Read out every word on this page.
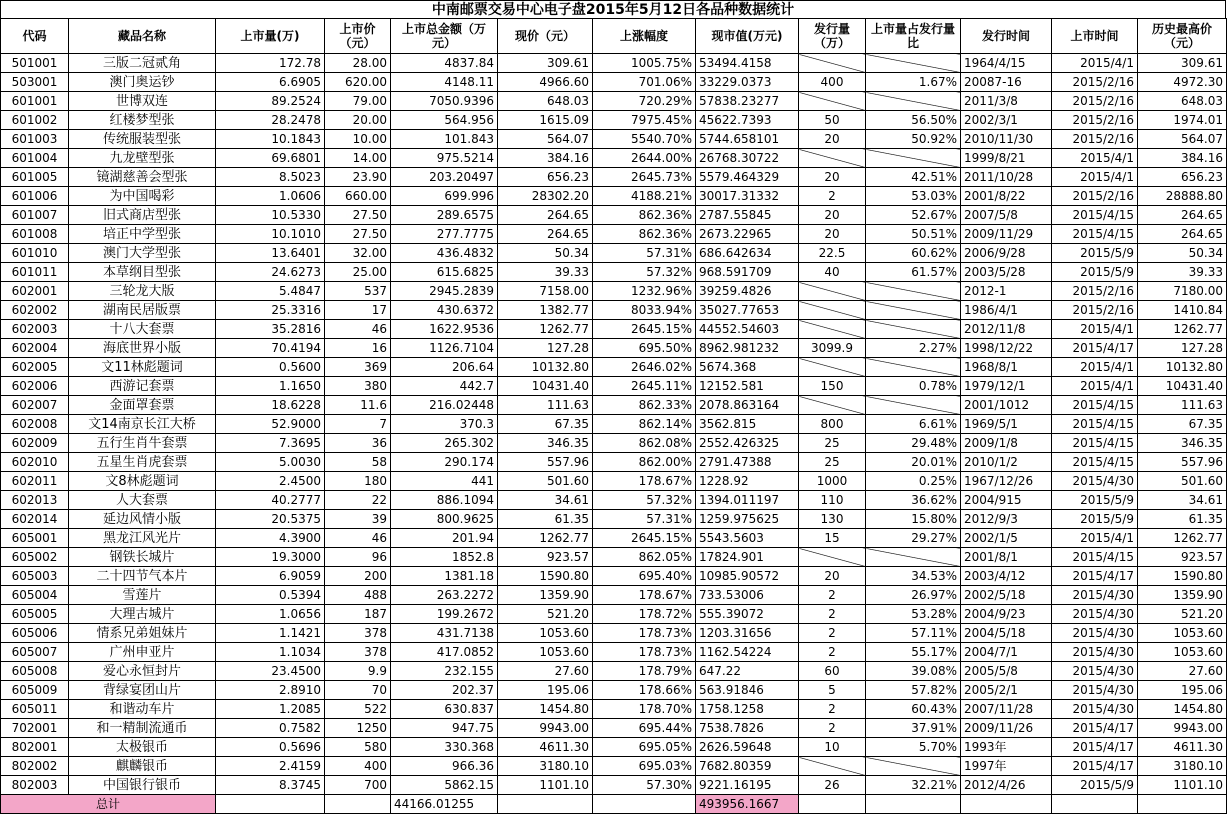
中南邮票交易中心电子盘2015年5月12日各品种数据统计
代码	藏品名称	上市量(万)	上市价（元）	上市总金额（万元）	现价（元）	上涨幅度	现市值(万元)	发行量（万）	上市量占发行量比	发行时间	上市时间	历史最高价（元）
501001	三版二冠贰角	172.78	28.00	4837.84	309.61	1005.75%	53494.4158			1964/4/15	2015/4/1	309.61
503001	澳门奥运钞	6.6905	620.00	4148.11	4966.60	701.06%	33229.0373	400	1.67%	20087-16	2015/2/16	4972.30
601001	世博双连	89.2524	79.00	7050.9396	648.03	720.29%	57838.23277			2011/3/8	2015/2/16	648.03
601002	红楼梦型张	28.2478	20.00	564.956	1615.09	7975.45%	45622.7393	50	56.50%	2002/3/1	2015/2/16	1974.01
601003	传统服装型张	10.1843	10.00	101.843	564.07	5540.70%	5744.658101	20	50.92%	2010/11/30	2015/2/16	564.07
601004	九龙壁型张	69.6801	14.00	975.5214	384.16	2644.00%	26768.30722			1999/8/21	2015/4/1	384.16
601005	镜湖慈善会型张	8.5023	23.90	203.20497	656.23	2645.73%	5579.464329	20	42.51%	2011/10/28	2015/4/1	656.23
601006	为中国喝彩	1.0606	660.00	699.996	28302.20	4188.21%	30017.31332	2	53.03%	2001/8/22	2015/2/16	28888.80
601007	旧式商店型张	10.5330	27.50	289.6575	264.65	862.36%	2787.55845	20	52.67%	2007/5/8	2015/4/15	264.65
601008	培正中学型张	10.1010	27.50	277.7775	264.65	862.36%	2673.22965	20	50.51%	2009/11/29	2015/4/15	264.65
601010	澳门大学型张	13.6401	32.00	436.4832	50.34	57.31%	686.642634	22.5	60.62%	2006/9/28	2015/5/9	50.34
601011	本草纲目型张	24.6273	25.00	615.6825	39.33	57.32%	968.591709	40	61.57%	2003/5/28	2015/5/9	39.33
602001	三轮龙大版	5.4847	537	2945.2839	7158.00	1232.96%	39259.4826			2012-1	2015/2/16	7180.00
602002	湖南民居版票	25.3316	17	430.6372	1382.77	8033.94%	35027.77653			1986/4/1	2015/2/16	1410.84
602003	十八大套票	35.2816	46	1622.9536	1262.77	2645.15%	44552.54603			2012/11/8	2015/4/1	1262.77
602004	海底世界小版	70.4194	16	1126.7104	127.28	695.50%	8962.981232	3099.9	2.27%	1998/12/22	2015/4/17	127.28
602005	文11林彪题词	0.5600	369	206.64	10132.80	2646.02%	5674.368			1968/8/1	2015/4/1	10132.80
602006	西游记套票	1.1650	380	442.7	10431.40	2645.11%	12152.581	150	0.78%	1979/12/1	2015/4/1	10431.40
602007	金面罩套票	18.6228	11.6	216.02448	111.63	862.33%	2078.863164			2001/1012	2015/4/15	111.63
602008	文14南京长江大桥	52.9000	7	370.3	67.35	862.14%	3562.815	800	6.61%	1969/5/1	2015/4/15	67.35
602009	五行生肖牛套票	7.3695	36	265.302	346.35	862.08%	2552.426325	25	29.48%	2009/1/8	2015/4/15	346.35
602010	五星生肖虎套票	5.0030	58	290.174	557.96	862.00%	2791.47388	25	20.01%	2010/1/2	2015/4/15	557.96
602011	文8林彪题词	2.4500	180	441	501.60	178.67%	1228.92	1000	0.25%	1967/12/26	2015/4/30	501.60
602013	人大套票	40.2777	22	886.1094	34.61	57.32%	1394.011197	110	36.62%	2004/915	2015/5/9	34.61
602014	延边风情小版	20.5375	39	800.9625	61.35	57.31%	1259.975625	130	15.80%	2012/9/3	2015/5/9	61.35
605001	黑龙江风光片	4.3900	46	201.94	1262.77	2645.15%	5543.5603	15	29.27%	2002/1/5	2015/4/1	1262.77
605002	钢铁长城片	19.3000	96	1852.8	923.57	862.05%	17824.901			2001/8/1	2015/4/15	923.57
605003	二十四节气本片	6.9059	200	1381.18	1590.80	695.40%	10985.90572	20	34.53%	2003/4/12	2015/4/17	1590.80
605004	雪莲片	0.5394	488	263.2272	1359.90	178.67%	733.53006	2	26.97%	2002/5/18	2015/4/30	1359.90
605005	大理古城片	1.0656	187	199.2672	521.20	178.72%	555.39072	2	53.28%	2004/9/23	2015/4/30	521.20
605006	情系兄弟姐妹片	1.1421	378	431.7138	1053.60	178.73%	1203.31656	2	57.11%	2004/5/18	2015/4/30	1053.60
605007	广州申亚片	1.1034	378	417.0852	1053.60	178.73%	1162.54224	2	55.17%	2004/7/1	2015/4/30	1053.60
605008	爱心永恒封片	23.4500	9.9	232.155	27.60	178.79%	647.22	60	39.08%	2005/5/8	2015/4/30	27.60
605009	背绿宴团山片	2.8910	70	202.37	195.06	178.66%	563.91846	5	57.82%	2005/2/1	2015/4/30	195.06
605011	和谐动车片	1.2085	522	630.837	1454.80	178.70%	1758.1258	2	60.43%	2007/11/28	2015/4/30	1454.80
702001	和一精制流通币	0.7582	1250	947.75	9943.00	695.44%	7538.7826	2	37.91%	2009/11/26	2015/4/17	9943.00
802001	太极银币	0.5696	580	330.368	4611.30	695.05%	2626.59648	10	5.70%	1993年	2015/4/17	4611.30
802002	麒麟银币	2.4159	400	966.36	3180.10	695.03%	7682.80359			1997年	2015/4/17	3180.10
802003	中国银行银币	8.3745	700	5862.15	1101.10	57.30%	9221.16195	26	32.21%	2012/4/26	2015/5/9	1101.10
总计				44166.01255			493956.1667					
